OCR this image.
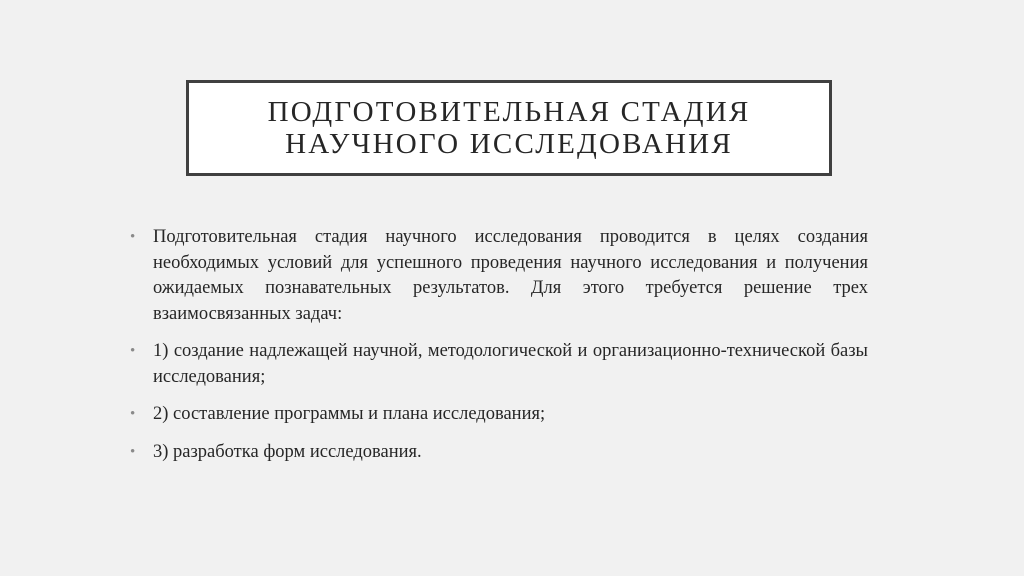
ПОДГОТОВИТЕЛЬНАЯ СТАДИЯ
НАУЧНОГО ИССЛЕДОВАНИЯ
• Подготовительная стадия научного исследования проводится в целях создания необходимых условий для успешного проведения научного исследования и получения ожидаемых познавательных результатов. Для этого требуется решение трех взаимосвязанных задач:
• 1) создание надлежащей научной, методологической и организационно-технической базы исследования;
• 2) составление программы и плана исследования;
• 3) разработка форм исследования.
